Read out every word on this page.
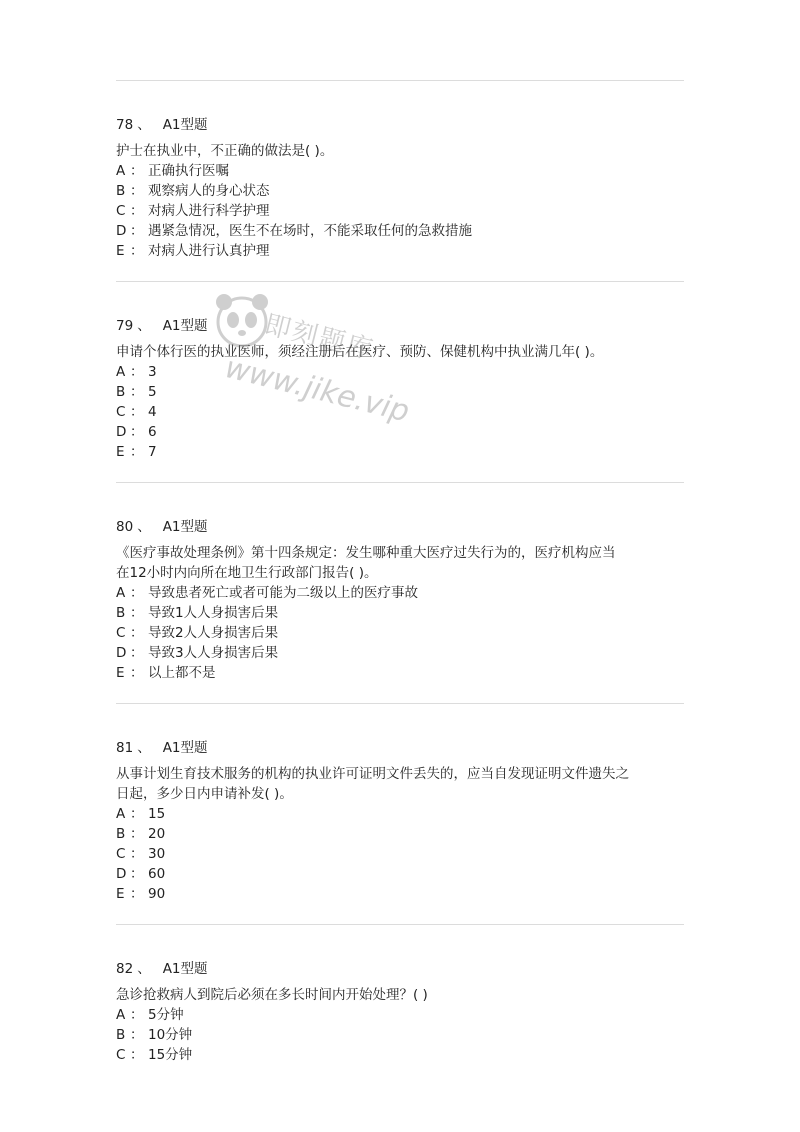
78 、 A1型题
护士在执业中，不正确的做法是( )。
A ： 正确执行医嘱
B ： 观察病人的身心状态
C ： 对病人进行科学护理
D ： 遇紧急情况，医生不在场时，不能采取任何的急救措施
E ： 对病人进行认真护理
79 、 A1型题
申请个体行医的执业医师，须经注册后在医疗、预防、保健机构中执业满几年( )。
A ： 3
B ： 5
C ： 4
D ： 6
E ： 7
80 、 A1型题
《医疗事故处理条例》第十四条规定：发生哪种重大医疗过失行为的，医疗机构应当
在12小时内向所在地卫生行政部门报告( )。
A ： 导致患者死亡或者可能为二级以上的医疗事故
B ： 导致1人人身损害后果
C ： 导致2人人身损害后果
D ： 导致3人人身损害后果
E ： 以上都不是
81 、 A1型题
从事计划生育技术服务的机构的执业许可证明文件丢失的，应当自发现证明文件遗失之
日起，多少日内申请补发( )。
A ： 15
B ： 20
C ： 30
D ： 60
E ： 90
82 、 A1型题
急诊抢救病人到院后必须在多长时间内开始处理？( )
A ： 5分钟
B ： 10分钟
C ： 15分钟
即刻题库
www.jike.vip
